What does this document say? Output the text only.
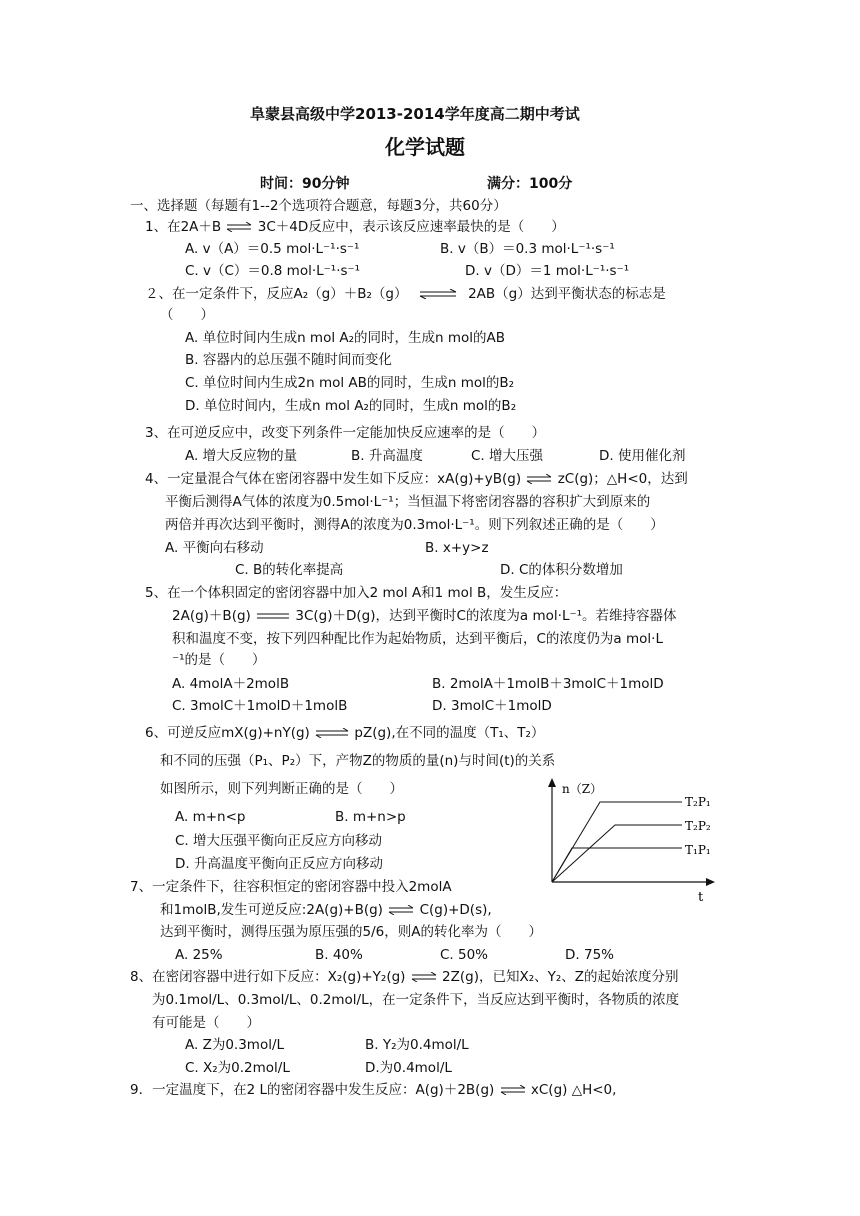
阜蒙县高级中学2013-2014学年度高二期中考试
化学试题
时间：90分钟	满分：100分
一、选择题（每题有1--2个选项符合题意，每题3分，共60分）
1、在2A＋B ⇌ 3C＋4D反应中，表示该反应速率最快的是（　　）
A. v（A）＝0.5 mol·L⁻¹·s⁻¹	B. v（B）＝0.3 mol·L⁻¹·s⁻¹
C. v（C）＝0.8 mol·L⁻¹·s⁻¹	D. v（D）＝1 mol·L⁻¹·s⁻¹
２、在一定条件下，反应A₂（g）＋B₂（g） ⇌ 2AB（g）达到平衡状态的标志是
（　　）
A. 单位时间内生成n mol A₂的同时，生成n mol的AB
B. 容器内的总压强不随时间而变化
C. 单位时间内生成2n mol AB的同时，生成n mol的B₂
D. 单位时间内，生成n mol A₂的同时，生成n mol的B₂
3、在可逆反应中，改变下列条件一定能加快反应速率的是（　　）
A. 增大反应物的量	B. 升高温度	C. 增大压强	D. 使用催化剂
4、一定量混合气体在密闭容器中发生如下反应：xA(g)+yB(g) ⇌ zC(g)；△H<0，达到
平衡后测得A气体的浓度为0.5mol·L⁻¹；当恒温下将密闭容器的容积扩大到原来的
两倍并再次达到平衡时，测得A的浓度为0.3mol·L⁻¹。则下列叙述正确的是（　　）
A. 平衡向右移动	B. x+y>z
C. B的转化率提高	D. C的体积分数增加
5、在一个体积固定的密闭容器中加入2 mol A和1 mol B，发生反应：
2A(g)＋B(g)	3C(g)＋D(g)，达到平衡时C的浓度为a mol·L⁻¹。若维持容器体
积和温度不变，按下列四种配比作为起始物质，达到平衡后，C的浓度仍为a mol·L
⁻¹的是（　　）
A. 4molA＋2molB	B. 2molA＋1molB＋3molC＋1molD
C. 3molC＋1molD＋1molB	D. 3molC＋1molD
6、可逆反应mX(g)+nY(g) ⇌ pZ(g),在不同的温度（T₁、T₂）
和不同的压强（P₁、P₂）下，产物Z的物质的量(n)与时间(t)的关系
如图所示，则下列判断正确的是（　　）
A. m+n<p	B. m+n>p
C. 增大压强平衡向正反应方向移动
D. 升高温度平衡向正反应方向移动
n（Z）
t
T₂P₁
T₂P₂
T₁P₁
7、一定条件下，往容积恒定的密闭容器中投入2molA
和1molB,发生可逆反应:2A(g)+B(g) ⇌ C(g)+D(s),
达到平衡时，测得压强为原压强的5/6，则A的转化率为（　　）
A. 25%	B. 40%	C. 50%	D. 75%
8、在密闭容器中进行如下反应：X₂(g)+Y₂(g) ⇌ 2Z(g)，已知X₂、Y₂、Z的起始浓度分别
为0.1mol/L、0.3mol/L、0.2mol/L，在一定条件下，当反应达到平衡时，各物质的浓度
有可能是（　　）
A. Z为0.3mol/L	B. Y₂为0.4mol/L
C. X₂为0.2mol/L	D.为0.4mol/L
9．一定温度下，在2 L的密闭容器中发生反应：A(g)＋2B(g) ⇌ xC(g) △H<0,
